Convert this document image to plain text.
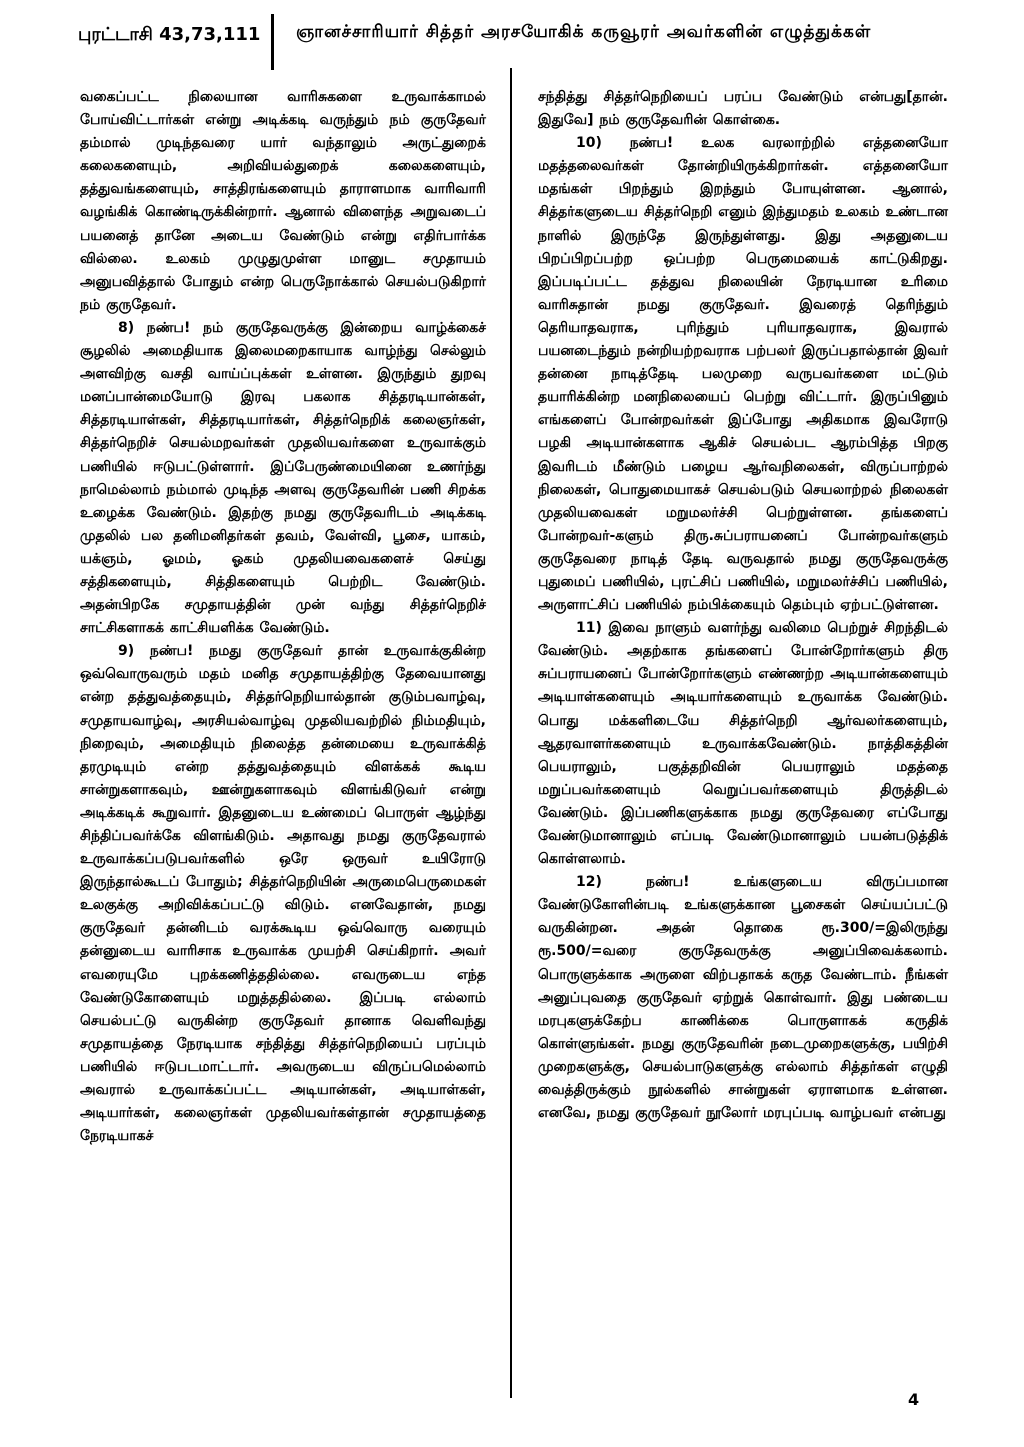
புரட்டாசி 43,73,111 ஞானச்சாரியார் சித்தர் அரசயோகிக் கருவூரர் அவர்களின் எழுத்துக்கள்

வகைப்பட்ட நிலையான வாரிசுகளை உருவாக்காமல் போய்விட்டார்கள் என்று அடிக்கடி வருந்தும் நம் குருதேவர் தம்மால் முடிந்தவரை யார் வந்தாலும் அருட்துறைக் கலைகளையும், அறிவியல்துறைக் கலைகளையும், தத்துவங்களையும், சாத்திரங்களையும் தாராளமாக வாரிவாரி வழங்கிக் கொண்டிருக்கின்றார். ஆனால் விளைந்த அறுவடைப் பயனைத் தானே அடைய வேண்டும் என்று எதிர்பார்க்க வில்லை. உலகம் முழுதுமுள்ள மானுட சமுதாயம் அனுபவித்தால் போதும் என்ற பெருநோக்கால் செயல்படுகிறார் நம் குருதேவர்.

8) நண்ப! நம் குருதேவருக்கு இன்றைய வாழ்க்கைச் சூழலில் அமைதியாக இலைமறைகாயாக வாழ்ந்து செல்லும் அளவிற்கு வசதி வாய்ப்புக்கள் உள்ளன. இருந்தும் துறவு மனப்பான்மையோடு இரவு பகலாக சித்தரடியான்கள், சித்தரடியாள்கள், சித்தரடியார்கள், சித்தர்நெறிக் கலைஞர்கள், சித்தர்நெறிச் செயல்மறவர்கள் முதலியவர்களை உருவாக்கும் பணியில் ஈடுபட்டுள்ளார். இப்பேருண்மையினை உணர்ந்து நாமெல்லாம் நம்மால் முடிந்த அளவு குருதேவரின் பணி சிறக்க உழைக்க வேண்டும். இதற்கு நமது குருதேவரிடம் அடிக்கடி முதலில் பல தனிமனிதர்கள் தவம், வேள்வி, பூசை, யாகம், யக்ஞம், ஓமம், ஓகம் முதலியவைகளைச் செய்து சத்திகளையும், சித்திகளையும் பெற்றிட வேண்டும். அதன்பிறகே சமுதாயத்தின் முன் வந்து சித்தர்நெறிச் சாட்சிகளாகக் காட்சியளிக்க வேண்டும்.

9) நண்ப! நமது குருதேவர் தான் உருவாக்குகின்ற ஒவ்வொருவரும் மதம் மனித சமுதாயத்திற்கு தேவையானது என்ற தத்துவத்தையும், சித்தர்நெறியால்தான் குடும்பவாழ்வு, சமுதாயவாழ்வு, அரசியல்வாழ்வு முதலியவற்றில் நிம்மதியும், நிறைவும், அமைதியும் நிலைத்த தன்மையை உருவாக்கித் தரமுடியும் என்ற தத்துவத்தையும் விளக்கக் கூடிய சான்றுகளாகவும், ஊன்றுகளாகவும் விளங்கிடுவர் என்று அடிக்கடிக் கூறுவார். இதனுடைய உண்மைப் பொருள் ஆழ்ந்து சிந்திப்பவர்க்கே விளங்கிடும். அதாவது நமது குருதேவரால் உருவாக்கப்படுபவர்களில் ஒரே ஒருவர் உயிரோடு இருந்தால்கூடப் போதும்; சித்தர்நெறியின் அருமைபெருமைகள் உலகுக்கு அறிவிக்கப்பட்டு விடும். எனவேதான், நமது குருதேவர் தன்னிடம் வரக்கூடிய ஒவ்வொரு வரையும் தன்னுடைய வாரிசாக உருவாக்க முயற்சி செய்கிறார். அவர் எவரையுமே புறக்கணித்ததில்லை. எவருடைய எந்த வேண்டுகோளையும் மறுத்ததில்லை. இப்படி எல்லாம் செயல்பட்டு வருகின்ற குருதேவர் தானாக வெளிவந்து சமுதாயத்தை நேரடியாக சந்தித்து சித்தர்நெறியைப் பரப்பும் பணியில் ஈடுபடமாட்டார். அவருடைய விருப்பமெல்லாம் அவரால் உருவாக்கப்பட்ட அடியான்கள், அடியாள்கள், அடியார்கள், கலைஞர்கள் முதலியவர்கள்தான் சமுதாயத்தை நேரடியாகச்

சந்தித்து சித்தர்நெறியைப் பரப்ப வேண்டும் என்பது[தான். இதுவே] நம் குருதேவரின் கொள்கை.

10) நண்ப! உலக வரலாற்றில் எத்தனையோ மதத்தலைவர்கள் தோன்றியிருக்கிறார்கள். எத்தனையோ மதங்கள் பிறந்தும் இறந்தும் போயுள்ளன. ஆனால், சித்தர்களுடைய சித்தர்நெறி எனும் இந்துமதம் உலகம் உண்டான நாளில் இருந்தே இருந்துள்ளது. இது அதனுடைய பிறப்பிறப்பற்ற ஒப்பற்ற பெருமையைக் காட்டுகிறது. இப்படிப்பட்ட தத்துவ நிலையின் நேரடியான உரிமை வாரிசுதான் நமது குருதேவர். இவரைத் தெரிந்தும் தெரியாதவராக, புரிந்தும் புரியாதவராக, இவரால் பயனடைந்தும் நன்றியற்றவராக பற்பலர் இருப்பதால்தான் இவர் தன்னை நாடித்தேடி பலமுறை வருபவர்களை மட்டும் தயாரிக்கின்ற மனநிலையைப் பெற்று விட்டார். இருப்பினும் எங்களைப் போன்றவர்கள் இப்போது அதிகமாக இவரோடு பழகி அடியான்களாக ஆகிச் செயல்பட ஆரம்பித்த பிறகு இவரிடம் மீண்டும் பழைய ஆர்வநிலைகள், விருப்பாற்றல் நிலைகள், பொதுமையாகச் செயல்படும் செயலாற்றல் நிலைகள் முதலியவைகள் மறுமலர்ச்சி பெற்றுள்ளன. தங்களைப் போன்றவர்-களும் திரு.சுப்பராயனைப் போன்றவர்களும் குருதேவரை நாடித் தேடி வருவதால் நமது குருதேவருக்கு புதுமைப் பணியில், புரட்சிப் பணியில், மறுமலர்ச்சிப் பணியில், அருளாட்சிப் பணியில் நம்பிக்கையும் தெம்பும் ஏற்பட்டுள்ளன.

11) இவை நாளும் வளர்ந்து வலிமை பெற்றுச் சிறந்திடல் வேண்டும். அதற்காக தங்களைப் போன்றோர்களும் திரு சுப்பராயனைப் போன்றோர்களும் எண்ணற்ற அடியான்களையும் அடியாள்களையும் அடியார்களையும் உருவாக்க வேண்டும். பொது மக்களிடையே சித்தர்நெறி ஆர்வலர்களையும், ஆதரவாளர்களையும் உருவாக்கவேண்டும். நாத்திகத்தின் பெயராலும், பகுத்தறிவின் பெயராலும் மதத்தை மறுப்பவர்களையும் வெறுப்பவர்களையும் திருத்திடல் வேண்டும். இப்பணிகளுக்காக நமது குருதேவரை எப்போது வேண்டுமானாலும் எப்படி வேண்டுமானாலும் பயன்படுத்திக் கொள்ளலாம்.

12) நண்ப! உங்களுடைய விருப்பமான வேண்டுகோளின்படி உங்களுக்கான பூசைகள் செய்யப்பட்டு வருகின்றன. அதன் தொகை ரூ.300/=இலிருந்து ரூ.500/=வரை குருதேவருக்கு அனுப்பிவைக்கலாம். பொருளுக்காக அருளை விற்பதாகக் கருத வேண்டாம். நீங்கள் அனுப்புவதை குருதேவர் ஏற்றுக் கொள்வார். இது பண்டைய மரபுகளுக்கேற்ப காணிக்கை பொருளாகக் கருதிக் கொள்ளுங்கள். நமது குருதேவரின் நடைமுறைகளுக்கு, பயிற்சி முறைகளுக்கு, செயல்பாடுகளுக்கு எல்லாம் சித்தர்கள் எழுதி வைத்திருக்கும் நூல்களில் சான்றுகள் ஏராளமாக உள்ளன. எனவே, நமது குருதேவர் நூலோர் மரபுப்படி வாழ்பவர் என்பது

4
